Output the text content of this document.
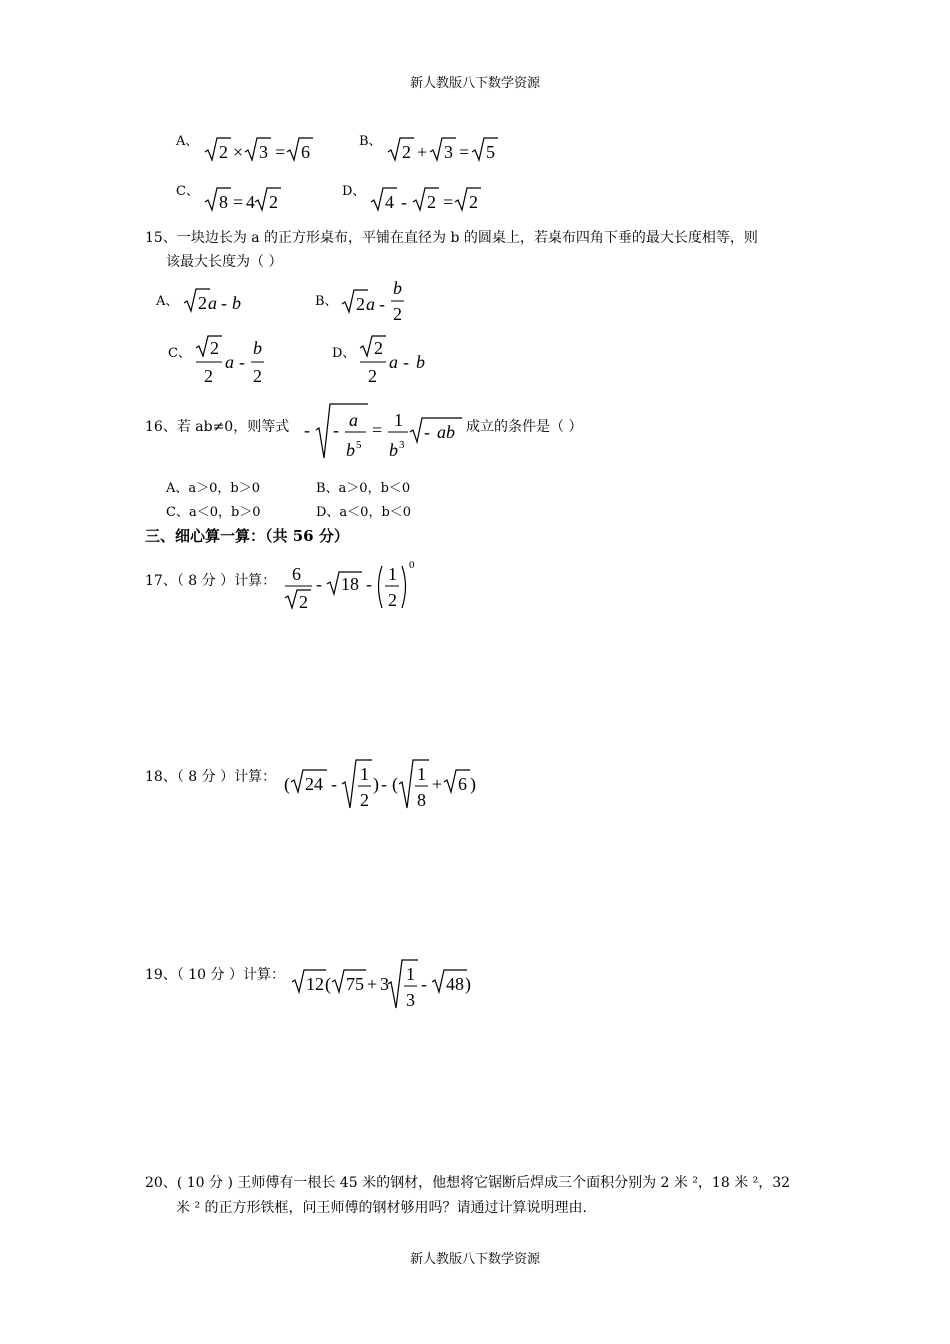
新人教版八下数学资源
新人教版八下数学资源
A、
2 × 3 = 6
B、
2 + 3 = 5
C、
8 = 4 2
D、
4 - 2 = 2
15、一块边长为 a 的正方形桌布，平铺在直径为 b 的圆桌上，若桌布四角下垂的最大长度相等，则
该最大长度为（ ）
A、 2 a - b	B、 2 a -
b
2
C、 2
2
a -
b
2
D、 2
2
a - b
16、若 ab≠0，则等式 - - a
b 5
= 1
b 3
- ab 成立的条件是（ ）
A、a＞0，b＞0	B、a＞0，b＜0
C、a＜0，b＞0	D、a＜0，b＜0
三、细心算一算：（共 56 分）
17、（ 8 分 ）计算： 6
2
- 18 - 1
2
0
18、（ 8 分 ）计算： ( 24 - 1
2
) - ( 1
8
+ 6 )
19、（ 10 分 ）计算： 12 ( 75 + 3 1
3
- 48 )
20、( 10 分 ) 王师傅有一根长 45 米的钢材，他想将它锯断后焊成三个面积分别为 2 米 ²，18 米 ²，32
米 ² 的正方形铁框，问王师傅的钢材够用吗？请通过计算说明理由.
